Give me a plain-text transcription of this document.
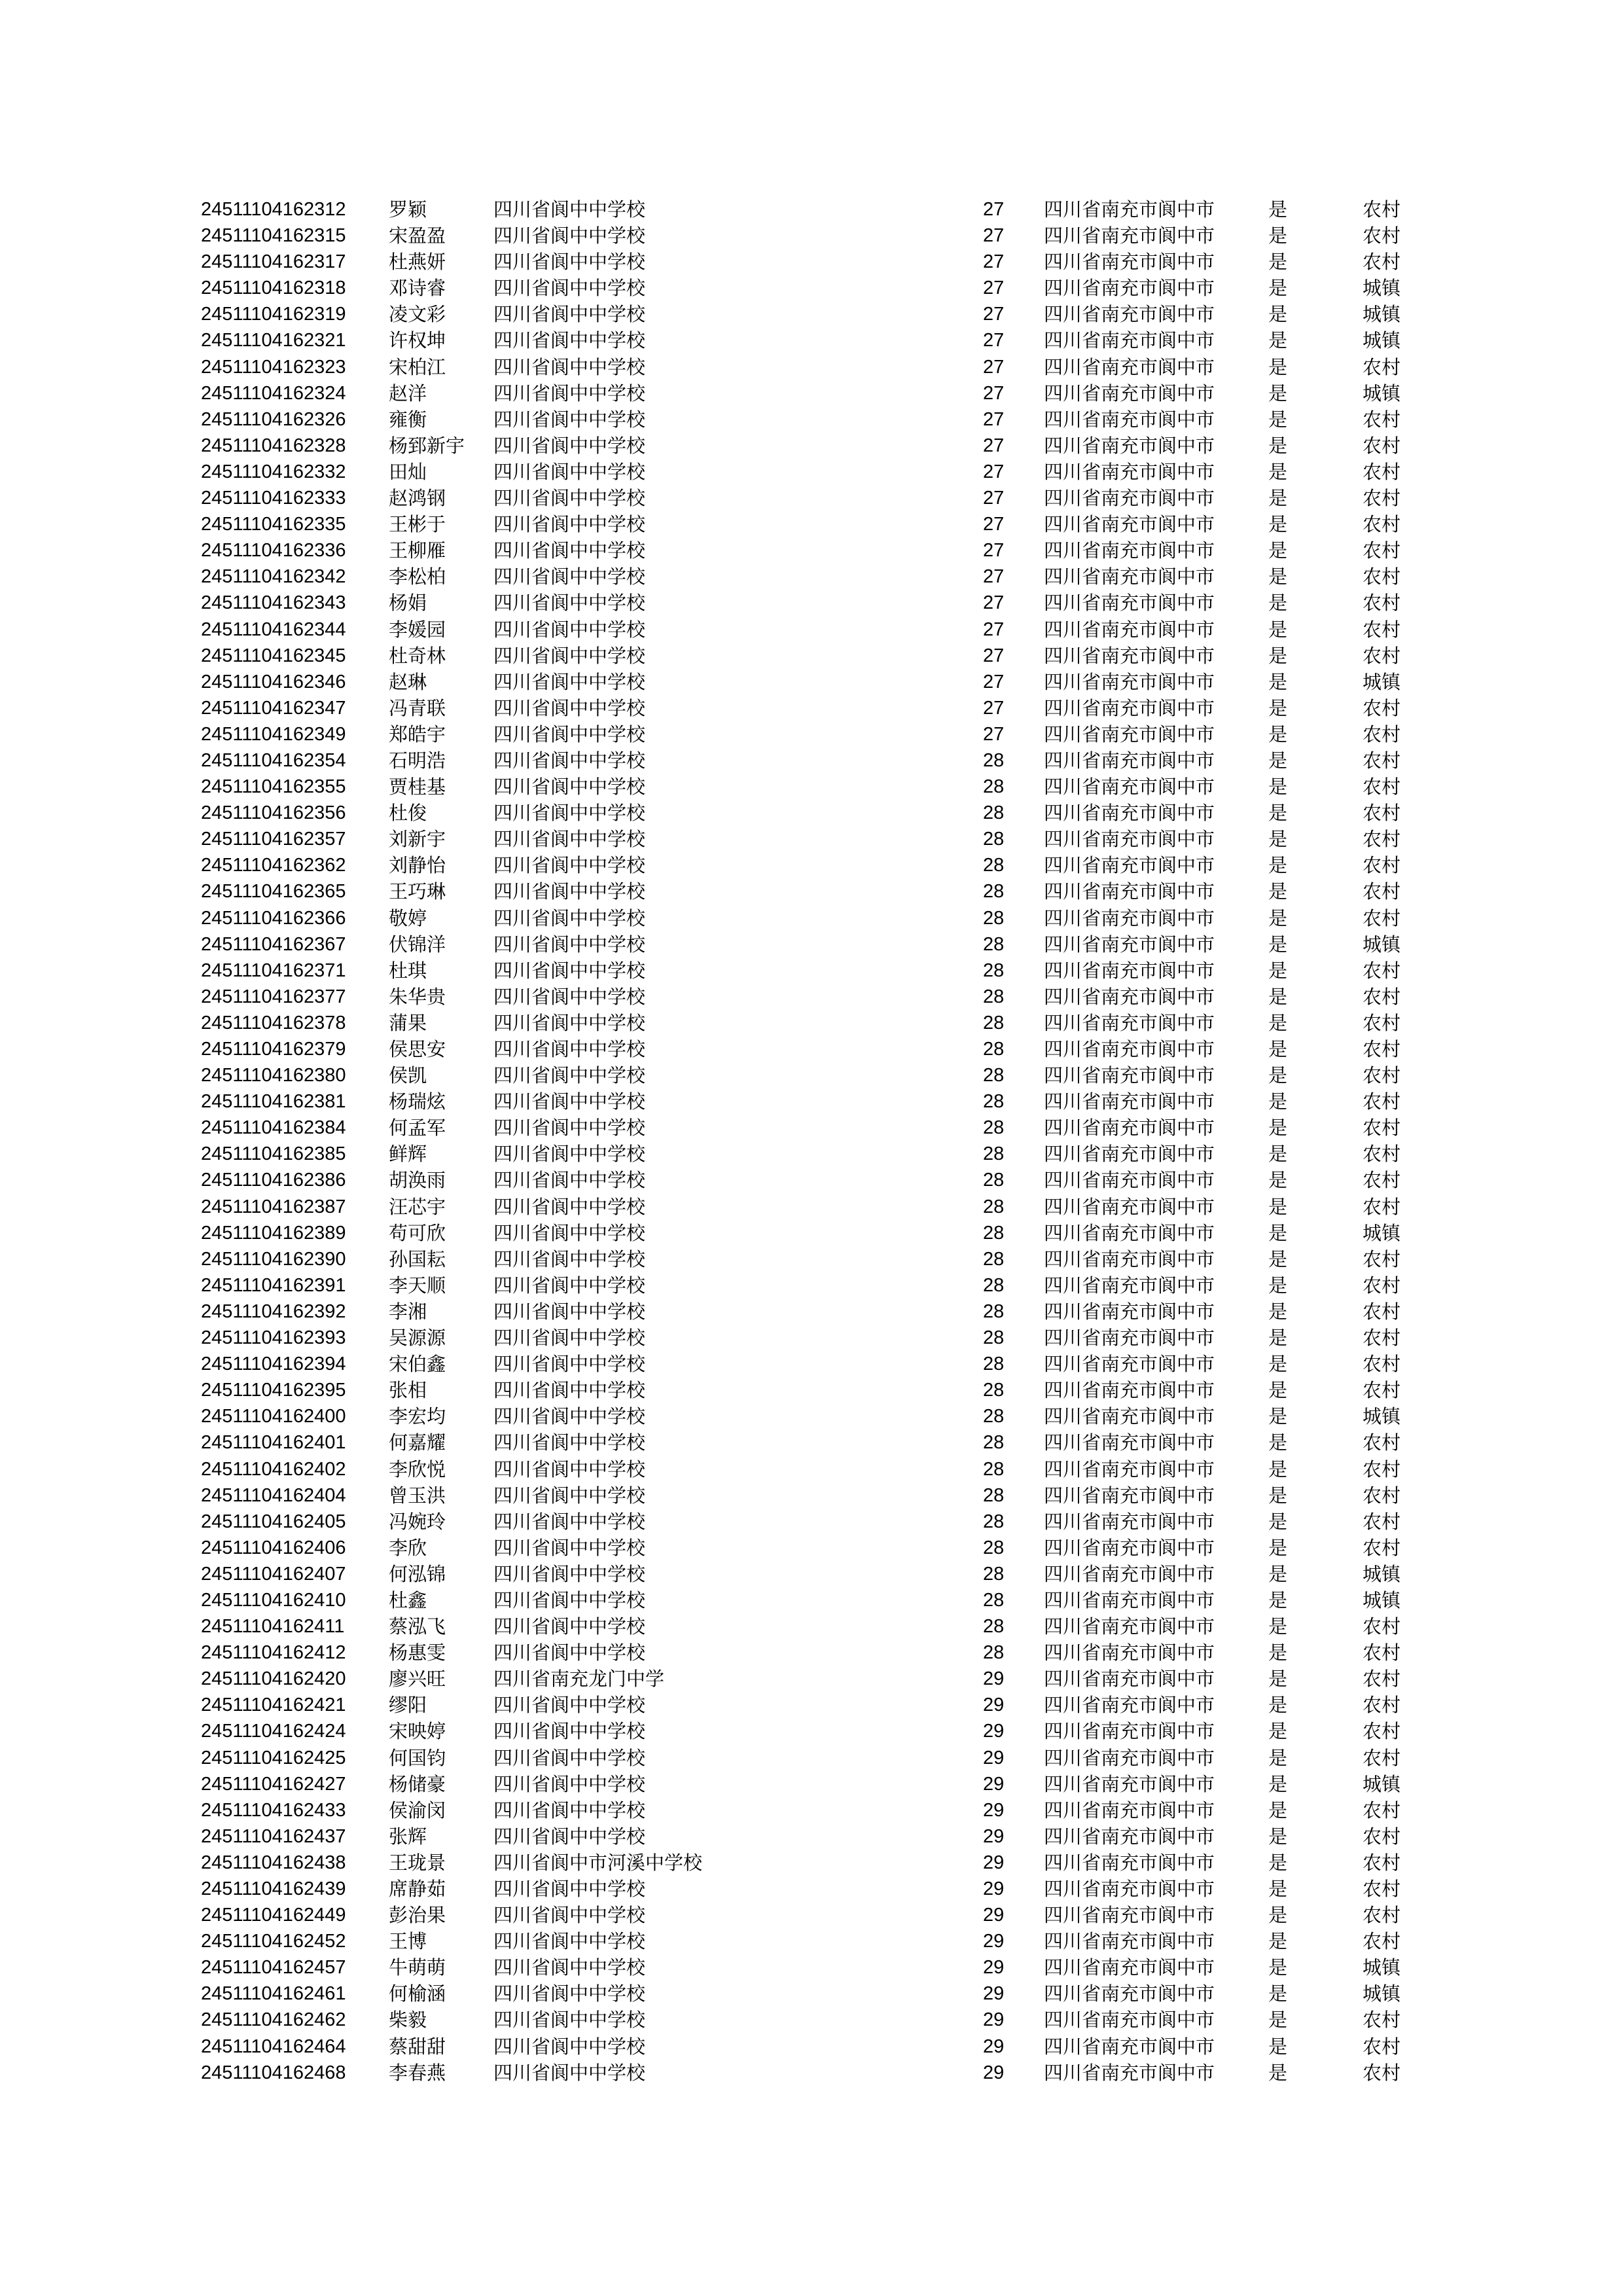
24511104162312 罗颖	四川省阆中中学校	27 四川省南充市阆中市	是	农村
24511104162315 宋盈盈	四川省阆中中学校	27 四川省南充市阆中市	是	农村
24511104162317 杜燕妍	四川省阆中中学校	27 四川省南充市阆中市	是	农村
24511104162318 邓诗睿	四川省阆中中学校	27 四川省南充市阆中市	是	城镇
24511104162319 凌文彩	四川省阆中中学校	27 四川省南充市阆中市	是	城镇
24511104162321 许权坤	四川省阆中中学校	27 四川省南充市阆中市	是	城镇
24511104162323 宋柏江	四川省阆中中学校	27 四川省南充市阆中市	是	农村
24511104162324 赵洋	四川省阆中中学校	27 四川省南充市阆中市	是	城镇
24511104162326 雍衡	四川省阆中中学校	27 四川省南充市阆中市	是	农村
24511104162328 杨郅新宇 四川省阆中中学校	27 四川省南充市阆中市	是	农村
24511104162332 田灿	四川省阆中中学校	27 四川省南充市阆中市	是	农村
24511104162333 赵鸿钢	四川省阆中中学校	27 四川省南充市阆中市	是	农村
24511104162335 王彬于	四川省阆中中学校	27 四川省南充市阆中市	是	农村
24511104162336 王柳雁	四川省阆中中学校	27 四川省南充市阆中市	是	农村
24511104162342 李松柏	四川省阆中中学校	27 四川省南充市阆中市	是	农村
24511104162343 杨娟	四川省阆中中学校	27 四川省南充市阆中市	是	农村
24511104162344 李媛园	四川省阆中中学校	27 四川省南充市阆中市	是	农村
24511104162345 杜奇林	四川省阆中中学校	27 四川省南充市阆中市	是	农村
24511104162346 赵琳	四川省阆中中学校	27 四川省南充市阆中市	是	城镇
24511104162347 冯青联	四川省阆中中学校	27 四川省南充市阆中市	是	农村
24511104162349 郑皓宇	四川省阆中中学校	27 四川省南充市阆中市	是	农村
24511104162354 石明浩	四川省阆中中学校	28 四川省南充市阆中市	是	农村
24511104162355 贾桂基	四川省阆中中学校	28 四川省南充市阆中市	是	农村
24511104162356 杜俊	四川省阆中中学校	28 四川省南充市阆中市	是	农村
24511104162357 刘新宇	四川省阆中中学校	28 四川省南充市阆中市	是	农村
24511104162362 刘静怡	四川省阆中中学校	28 四川省南充市阆中市	是	农村
24511104162365 王巧琳	四川省阆中中学校	28 四川省南充市阆中市	是	农村
24511104162366 敬婷	四川省阆中中学校	28 四川省南充市阆中市	是	农村
24511104162367 伏锦洋	四川省阆中中学校	28 四川省南充市阆中市	是	城镇
24511104162371 杜琪	四川省阆中中学校	28 四川省南充市阆中市	是	农村
24511104162377 朱华贵	四川省阆中中学校	28 四川省南充市阆中市	是	农村
24511104162378 蒲果	四川省阆中中学校	28 四川省南充市阆中市	是	农村
24511104162379 侯思安	四川省阆中中学校	28 四川省南充市阆中市	是	农村
24511104162380 侯凯	四川省阆中中学校	28 四川省南充市阆中市	是	农村
24511104162381 杨瑞炫	四川省阆中中学校	28 四川省南充市阆中市	是	农村
24511104162384 何孟军	四川省阆中中学校	28 四川省南充市阆中市	是	农村
24511104162385 鲜辉	四川省阆中中学校	28 四川省南充市阆中市	是	农村
24511104162386 胡涣雨	四川省阆中中学校	28 四川省南充市阆中市	是	农村
24511104162387 汪芯宇	四川省阆中中学校	28 四川省南充市阆中市	是	农村
24511104162389 苟可欣	四川省阆中中学校	28 四川省南充市阆中市	是	城镇
24511104162390 孙国耘	四川省阆中中学校	28 四川省南充市阆中市	是	农村
24511104162391 李天顺	四川省阆中中学校	28 四川省南充市阆中市	是	农村
24511104162392 李湘	四川省阆中中学校	28 四川省南充市阆中市	是	农村
24511104162393 吴源源	四川省阆中中学校	28 四川省南充市阆中市	是	农村
24511104162394 宋伯鑫	四川省阆中中学校	28 四川省南充市阆中市	是	农村
24511104162395 张相	四川省阆中中学校	28 四川省南充市阆中市	是	农村
24511104162400 李宏均	四川省阆中中学校	28 四川省南充市阆中市	是	城镇
24511104162401 何嘉耀	四川省阆中中学校	28 四川省南充市阆中市	是	农村
24511104162402 李欣悦	四川省阆中中学校	28 四川省南充市阆中市	是	农村
24511104162404 曾玉洪	四川省阆中中学校	28 四川省南充市阆中市	是	农村
24511104162405 冯婉玲	四川省阆中中学校	28 四川省南充市阆中市	是	农村
24511104162406 李欣	四川省阆中中学校	28 四川省南充市阆中市	是	农村
24511104162407 何泓锦	四川省阆中中学校	28 四川省南充市阆中市	是	城镇
24511104162410 杜鑫	四川省阆中中学校	28 四川省南充市阆中市	是	城镇
24511104162411 蔡泓飞	四川省阆中中学校	28 四川省南充市阆中市	是	农村
24511104162412 杨惠雯	四川省阆中中学校	28 四川省南充市阆中市	是	农村
24511104162420 廖兴旺	四川省南充龙门中学	29 四川省南充市阆中市	是	农村
24511104162421 缪阳	四川省阆中中学校	29 四川省南充市阆中市	是	农村
24511104162424 宋映婷	四川省阆中中学校	29 四川省南充市阆中市	是	农村
24511104162425 何国钧	四川省阆中中学校	29 四川省南充市阆中市	是	农村
24511104162427 杨储豪	四川省阆中中学校	29 四川省南充市阆中市	是	城镇
24511104162433 侯渝闵	四川省阆中中学校	29 四川省南充市阆中市	是	农村
24511104162437 张辉	四川省阆中中学校	29 四川省南充市阆中市	是	农村
24511104162438 王珑景	四川省阆中市河溪中学校	29 四川省南充市阆中市	是	农村
24511104162439 席静茹	四川省阆中中学校	29 四川省南充市阆中市	是	农村
24511104162449 彭治果	四川省阆中中学校	29 四川省南充市阆中市	是	农村
24511104162452 王博	四川省阆中中学校	29 四川省南充市阆中市	是	农村
24511104162457 牛萌萌	四川省阆中中学校	29 四川省南充市阆中市	是	城镇
24511104162461 何榆涵	四川省阆中中学校	29 四川省南充市阆中市	是	城镇
24511104162462 柴毅	四川省阆中中学校	29 四川省南充市阆中市	是	农村
24511104162464 蔡甜甜	四川省阆中中学校	29 四川省南充市阆中市	是	农村
24511104162468 李春燕	四川省阆中中学校	29 四川省南充市阆中市	是	农村
